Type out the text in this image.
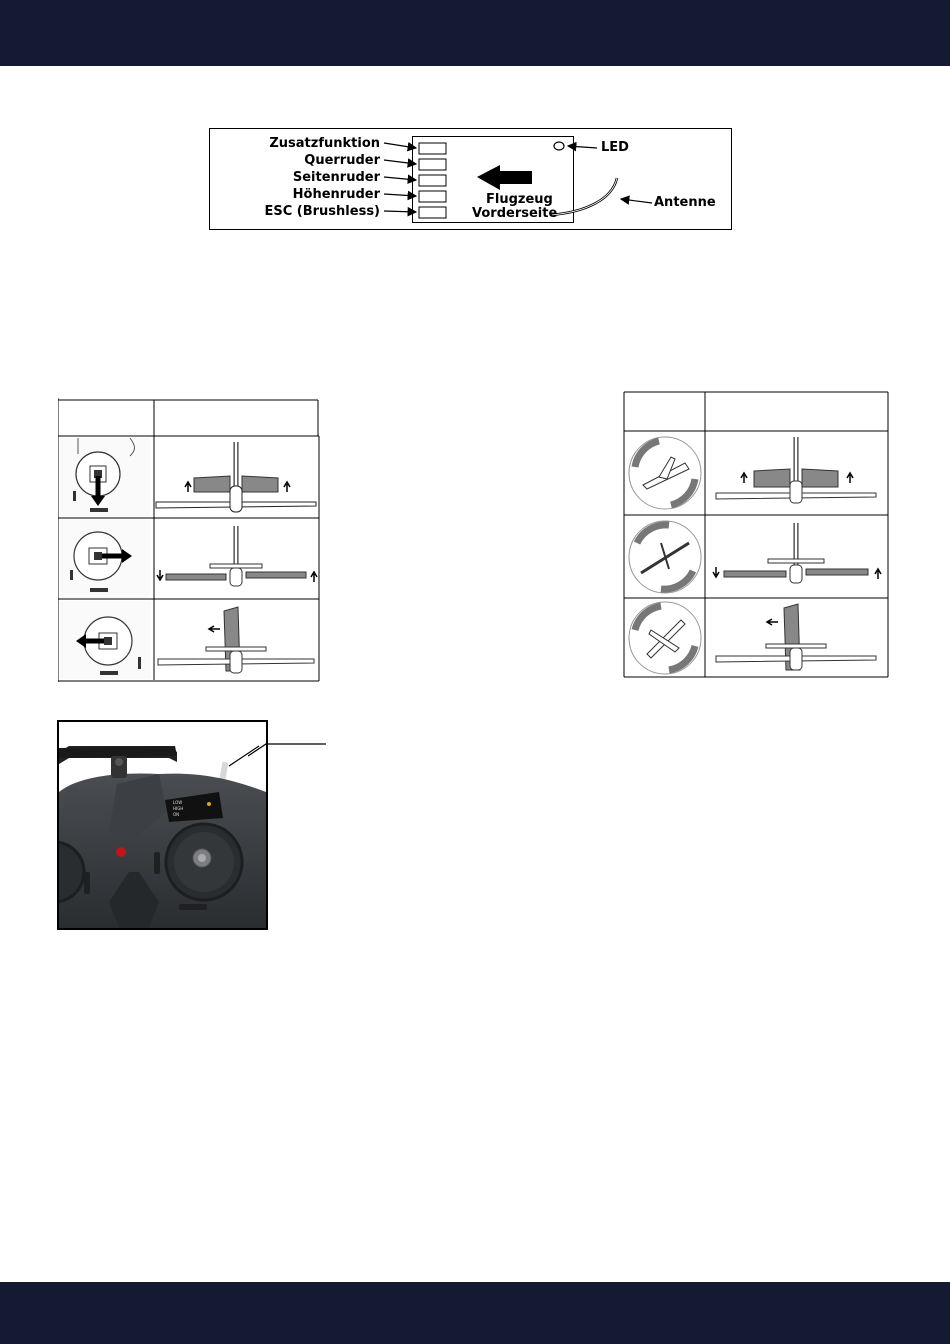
Zusatzfunktion
Querruder
Seitenruder
Höhenruder
ESC (Brushless)
LED
Antenne
Flugzeug
Vorderseite
LOW
HIGH
ON
